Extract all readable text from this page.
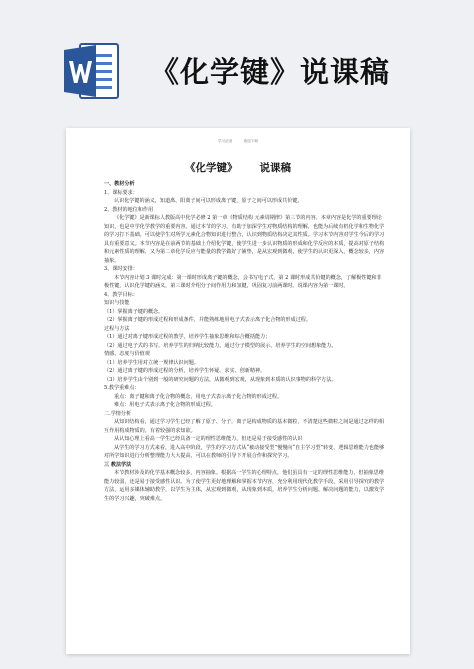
《化学键》说课稿
学习必备	欢迎下载
《化学键》 说课稿

一、教材分析

1、课标要求：

认识化学键的涵义，知道离、阳离子间可以形成离子键，原子之间可以形成共价键。

2、教材的地位和作用

《化学键》是新课标人教版高中化学必修 2 第一章《物质结构 元素周期律》第三节的内容。本章内容是化学的重要理论知识，也是中学化学教学的重要内容。通过本节的学习，有助于加深学生对物质结构的理解，也能为后续有机化学和生物化学的学习打下基础。可以使学生对所学元素化合物知识进行整合，认识到物质结构决定其性质。学习本节内容对学生今后的学习具有重要意义。本节内容是在前两节的基础上介绍化学键，使学生进一步认识物质的形成和化学反应的本质，提高对原子结构和元素性质的理解，又为第二章化学反应与能量的教学做好了铺垫，是从宏观到微观，使学生的认识更深入，概念较多，内容抽象。

3、课时安排：

本节内容计划 3 课时完成：第一课时形成离子键的概念，会书写电子式，第 2 课时形成共价键的概念，了解极性键和非极性键，认识化学键的涵义，第三课时介绍分子间作用力和氢键，巩固复习前两课时。说课内容为第一课时。

4、教学目标：

知识与技能

（1）掌握离子键的概念。

（2）掌握离子键的形成过程和形成条件，并能熟练地用电子式表示离子化合物的形成过程。

过程与方法

（1）通过对离子键形成过程的教学，培养学生抽象思维和综合概括能力；

（2）通过电子式的书写，培养学生的归纳比较能力，通过分子模型的展示，培养学生的空间想象能力。

情感、态度与价值观

（1）培养学生用对立统一规律认识问题。

（2）通过离子键的形成过程的分析，培养学生怀疑、求实、创新精神。

（3）培养学生由个别到一般的研究问题的方法，从微观到宏观，从现象到本质的认识事物的科学方法。

5.教学重难点：

重点：离子键和离子化合物的概念，用电子式表示离子化合物的形成过程。

难点：用电子式表示离子化合物的形成过程。

二.学情分析

从知识结构看，通过学习学生已经了解了原子、分子，离子是构成物质的基本微粒，不清楚这些微粒之间是通过怎样的相互作用构成物质的，有着较强的求知欲。

从认知心理上看高一学生已经具备一定的理性思维能力，但还是易于接受感性的认识

从学生的学习方式来看，进入高中阶段，学生的学习方式从“被动接受型”慢慢向“自主学习型”转变，逻辑思维能力也能够对所学知识进行分析整理能力大大提高，可以在教师的引导下开展合作和探究学习。

三 教法学法

本节教材涉及的化学基本概念较多，内容抽象。根据高一学生的心理特点，他们虽具有一定的理性思维能力，但抽象思维能力较弱，还是易于接受感性认识。为了使学生更好地理解和掌握本节内容，充分利用现代化教学手段，采用引导探究的教学方法，运用多媒体辅助教学，以学生为主体，从宏观到微观，从现象到本质，培养学生分析问题、解决问题的能力，以激发学生的学习兴趣，突破难点。
